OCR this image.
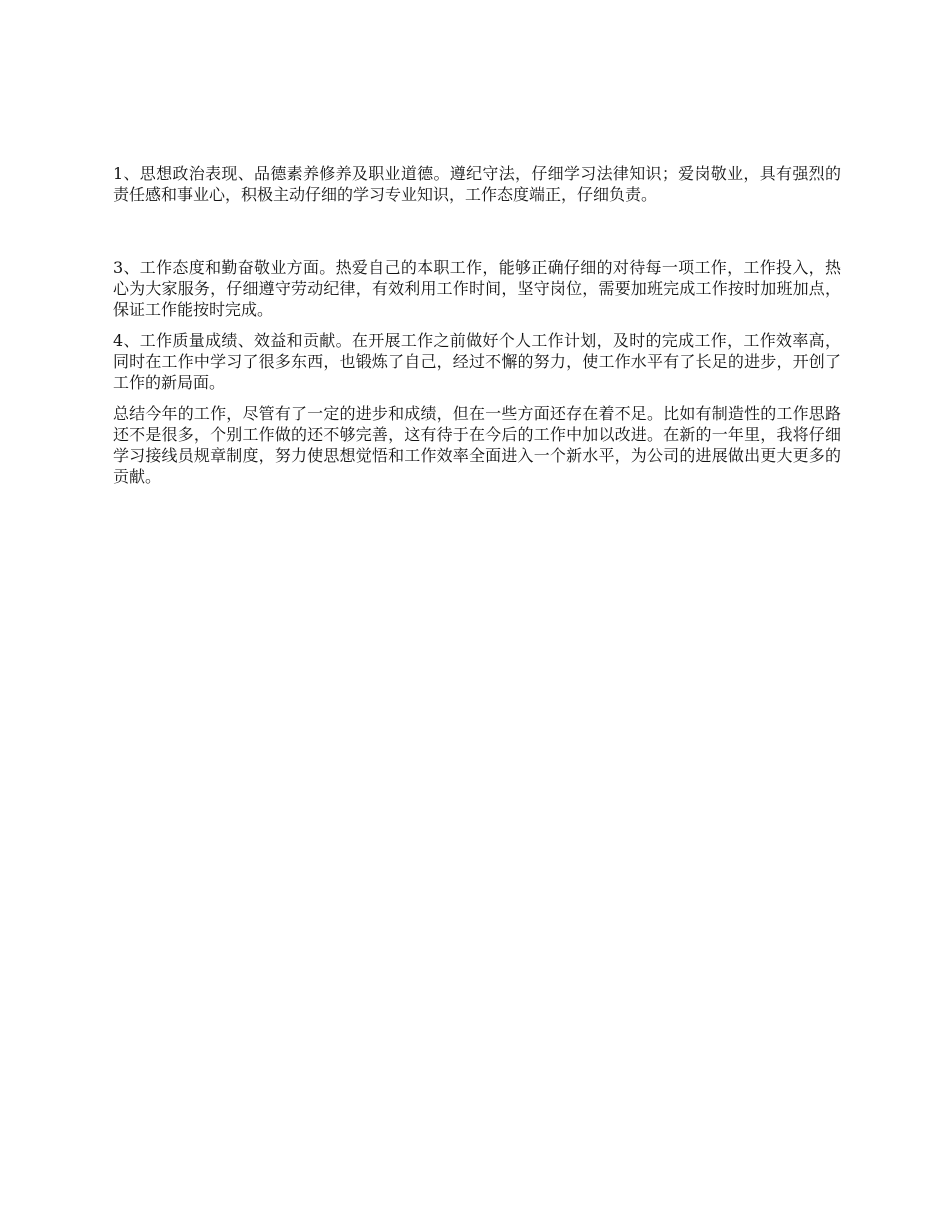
1、思想政治表现、品德素养修养及职业道德。遵纪守法，仔细学习法律知识；爱岗敬业，具有强烈的责任感和事业心，积极主动仔细的学习专业知识，工作态度端正，仔细负责。

3、工作态度和勤奋敬业方面。热爱自己的本职工作，能够正确仔细的对待每一项工作，工作投入，热心为大家服务，仔细遵守劳动纪律，有效利用工作时间，坚守岗位，需要加班完成工作按时加班加点，保证工作能按时完成。

4、工作质量成绩、效益和贡献。在开展工作之前做好个人工作计划，及时的完成工作，工作效率高，同时在工作中学习了很多东西，也锻炼了自己，经过不懈的努力，使工作水平有了长足的进步，开创了工作的新局面。

总结今年的工作，尽管有了一定的进步和成绩，但在一些方面还存在着不足。比如有制造性的工作思路还不是很多，个别工作做的还不够完善，这有待于在今后的工作中加以改进。在新的一年里，我将仔细学习接线员规章制度，努力使思想觉悟和工作效率全面进入一个新水平，为公司的进展做出更大更多的贡献。
